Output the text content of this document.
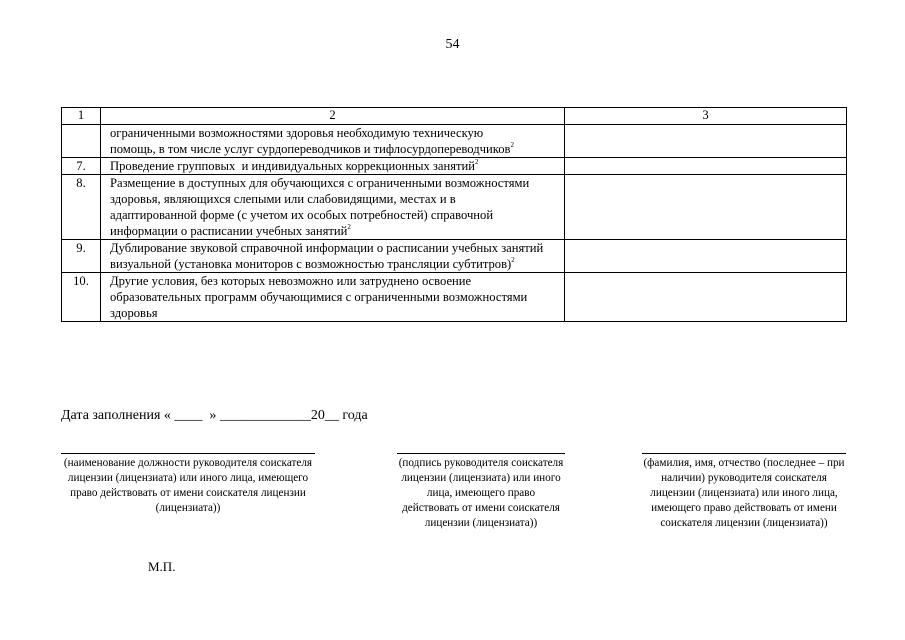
54
1	2	3
	ограниченными возможностями здоровья необходимую техническую помощь, в том числе услуг сурдопереводчиков и тифлосурдопереводчиков$^2$	
7.	Проведение групповых  и индивидуальных коррекционных занятий$^2$	
8.	Размещение в доступных для обучающихся с ограниченными возможностями здоровья, являющихся слепыми или слабовидящими, местах и в адаптированной форме (с учетом их особых потребностей) справочной информации о расписании учебных занятий$^2$	
9.	Дублирование звуковой справочной информации о расписании учебных занятий визуальной (установка мониторов с возможностью трансляции субтитров)$^2$	
10.	Другие условия, без которых невозможно или затруднено освоение образовательных программ обучающимися с ограниченными возможностями здоровья	
Дата заполнения « ____  » _____________20__ года
(наименование должности руководителя соискателя лицензии (лицензиата) или иного лица, имеющего право действовать от имени соискателя лицензии (лицензиата))
(подпись руководителя соискателя лицензии (лицензиата) или иного лица, имеющего право действовать от имени соискателя лицензии (лицензиата))
(фамилия, имя, отчество (последнее – при наличии) руководителя соискателя лицензии (лицензиата) или иного лица, имеющего право действовать от имени соискателя лицензии (лицензиата))
М.П.
